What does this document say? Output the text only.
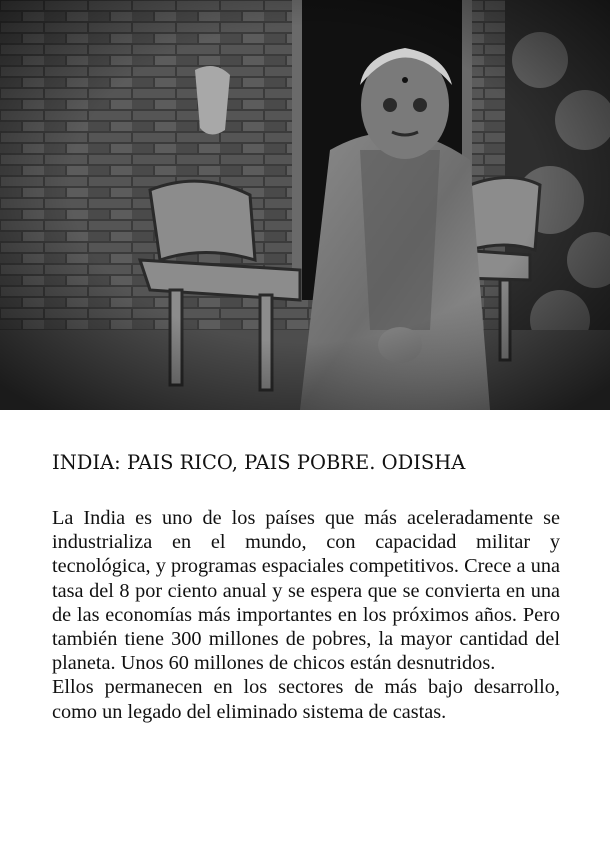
INDIA: PAIS RICO, PAIS POBRE. ODISHA

La India es uno de los países que más aceleradamente se industrializa en el mundo, con capacidad militar y tecnológica, y programas espaciales competitivos. Crece a una tasa del 8 por ciento anual y se espera que se convierta en una de las economías más importantes en los próximos años. Pero también tiene 300 millones de pobres, la mayor cantidad del planeta. Unos 60 millones de chicos están desnutridos.

Ellos permanecen en los sectores de más bajo desarrollo, como un legado del eliminado sistema de castas.
